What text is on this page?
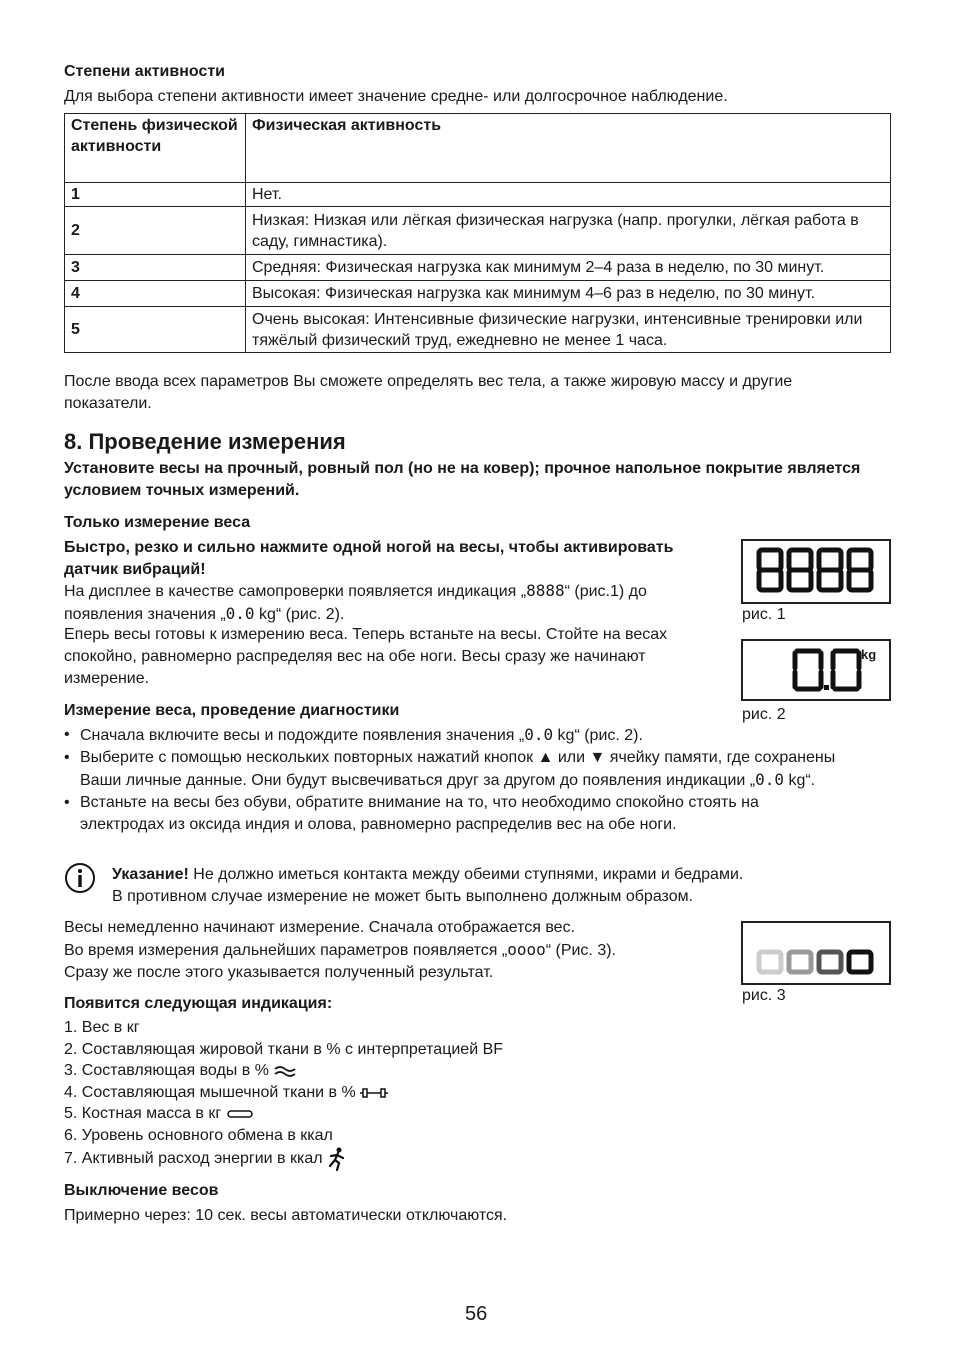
Степени активности
Для выбора степени активности имеет значение средне- или долгосрочное наблюдение.
Степень физической активности	Физическая активность
1	Нет.
2	Низкая: Низкая или лёгкая физическая нагрузка (напр. прогулки, лёгкая работа в саду, гимнастика).
3	Средняя: Физическая нагрузка как минимум 2–4 раза в неделю, по 30 минут.
4	Высокая: Физическая нагрузка как минимум 4–6 раз в неделю, по 30 минут.
5	Очень высокая: Интенсивные физические нагрузки, интенсивные тренировки или тяжёлый физический труд, ежедневно не менее 1 часа.
После ввода всех параметров Вы сможете определять вес тела, а также жировую массу и другие показатели.
8. Проведение измерения
Установите весы на прочный, ровный пол (но не на ковер); прочное напольное покрытие является условием точных измерений.
Только измерение веса
Быстро, резко и сильно нажмите одной ногой на весы, чтобы активировать датчик вибраций!
На дисплее в качестве самопроверки появляется индикация „8888“ (рис.1) до появления значения „0.0 kg“ (рис. 2).
Еперь весы готовы к измерению веса. Теперь встаньте на весы. Стойте на весах спокойно, равномерно распределяя вес на обе ноги. Весы сразу же начинают измерение.
рис. 1
kg
рис. 2
Измерение веса, проведение диагностики
• Сначала включите весы и подождите появления значения „0.0 kg“ (рис. 2).
• Выберите с помощью нескольких повторных нажатий кнопок ▲ или ▼ ячейку памяти, где сохранены Ваши личные данные. Они будут высвечиваться друг за другом до появления индикации „0.0 kg“.
• Встаньте на весы без обуви, обратите внимание на то, что необходимо спокойно стоять на электродах из оксида индия и олова, равномерно распределив вес на обе ноги.
Указание! Не должно иметься контакта между обеими ступнями, икрами и бедрами.
В противном случае измерение не может быть выполнено должным образом.
Весы немедленно начинают измерение. Сначала отображается вес.
Во время измерения дальнейших параметров появляется „oooo“ (Рис. 3).
Сразу же после этого указывается полученный результат.
рис. 3
Появится следующая индикация:
1. Вес в кг
2. Составляющая жировой ткани в % с интерпретацией BF
3. Составляющая воды в %
4. Составляющая мышечной ткани в %
5. Костная масса в кг
6. Уровень основного обмена в ккал
7. Активный расход энергии в ккал
Выключение весов
Примерно через: 10 сек. весы автоматически отключаются.
56
